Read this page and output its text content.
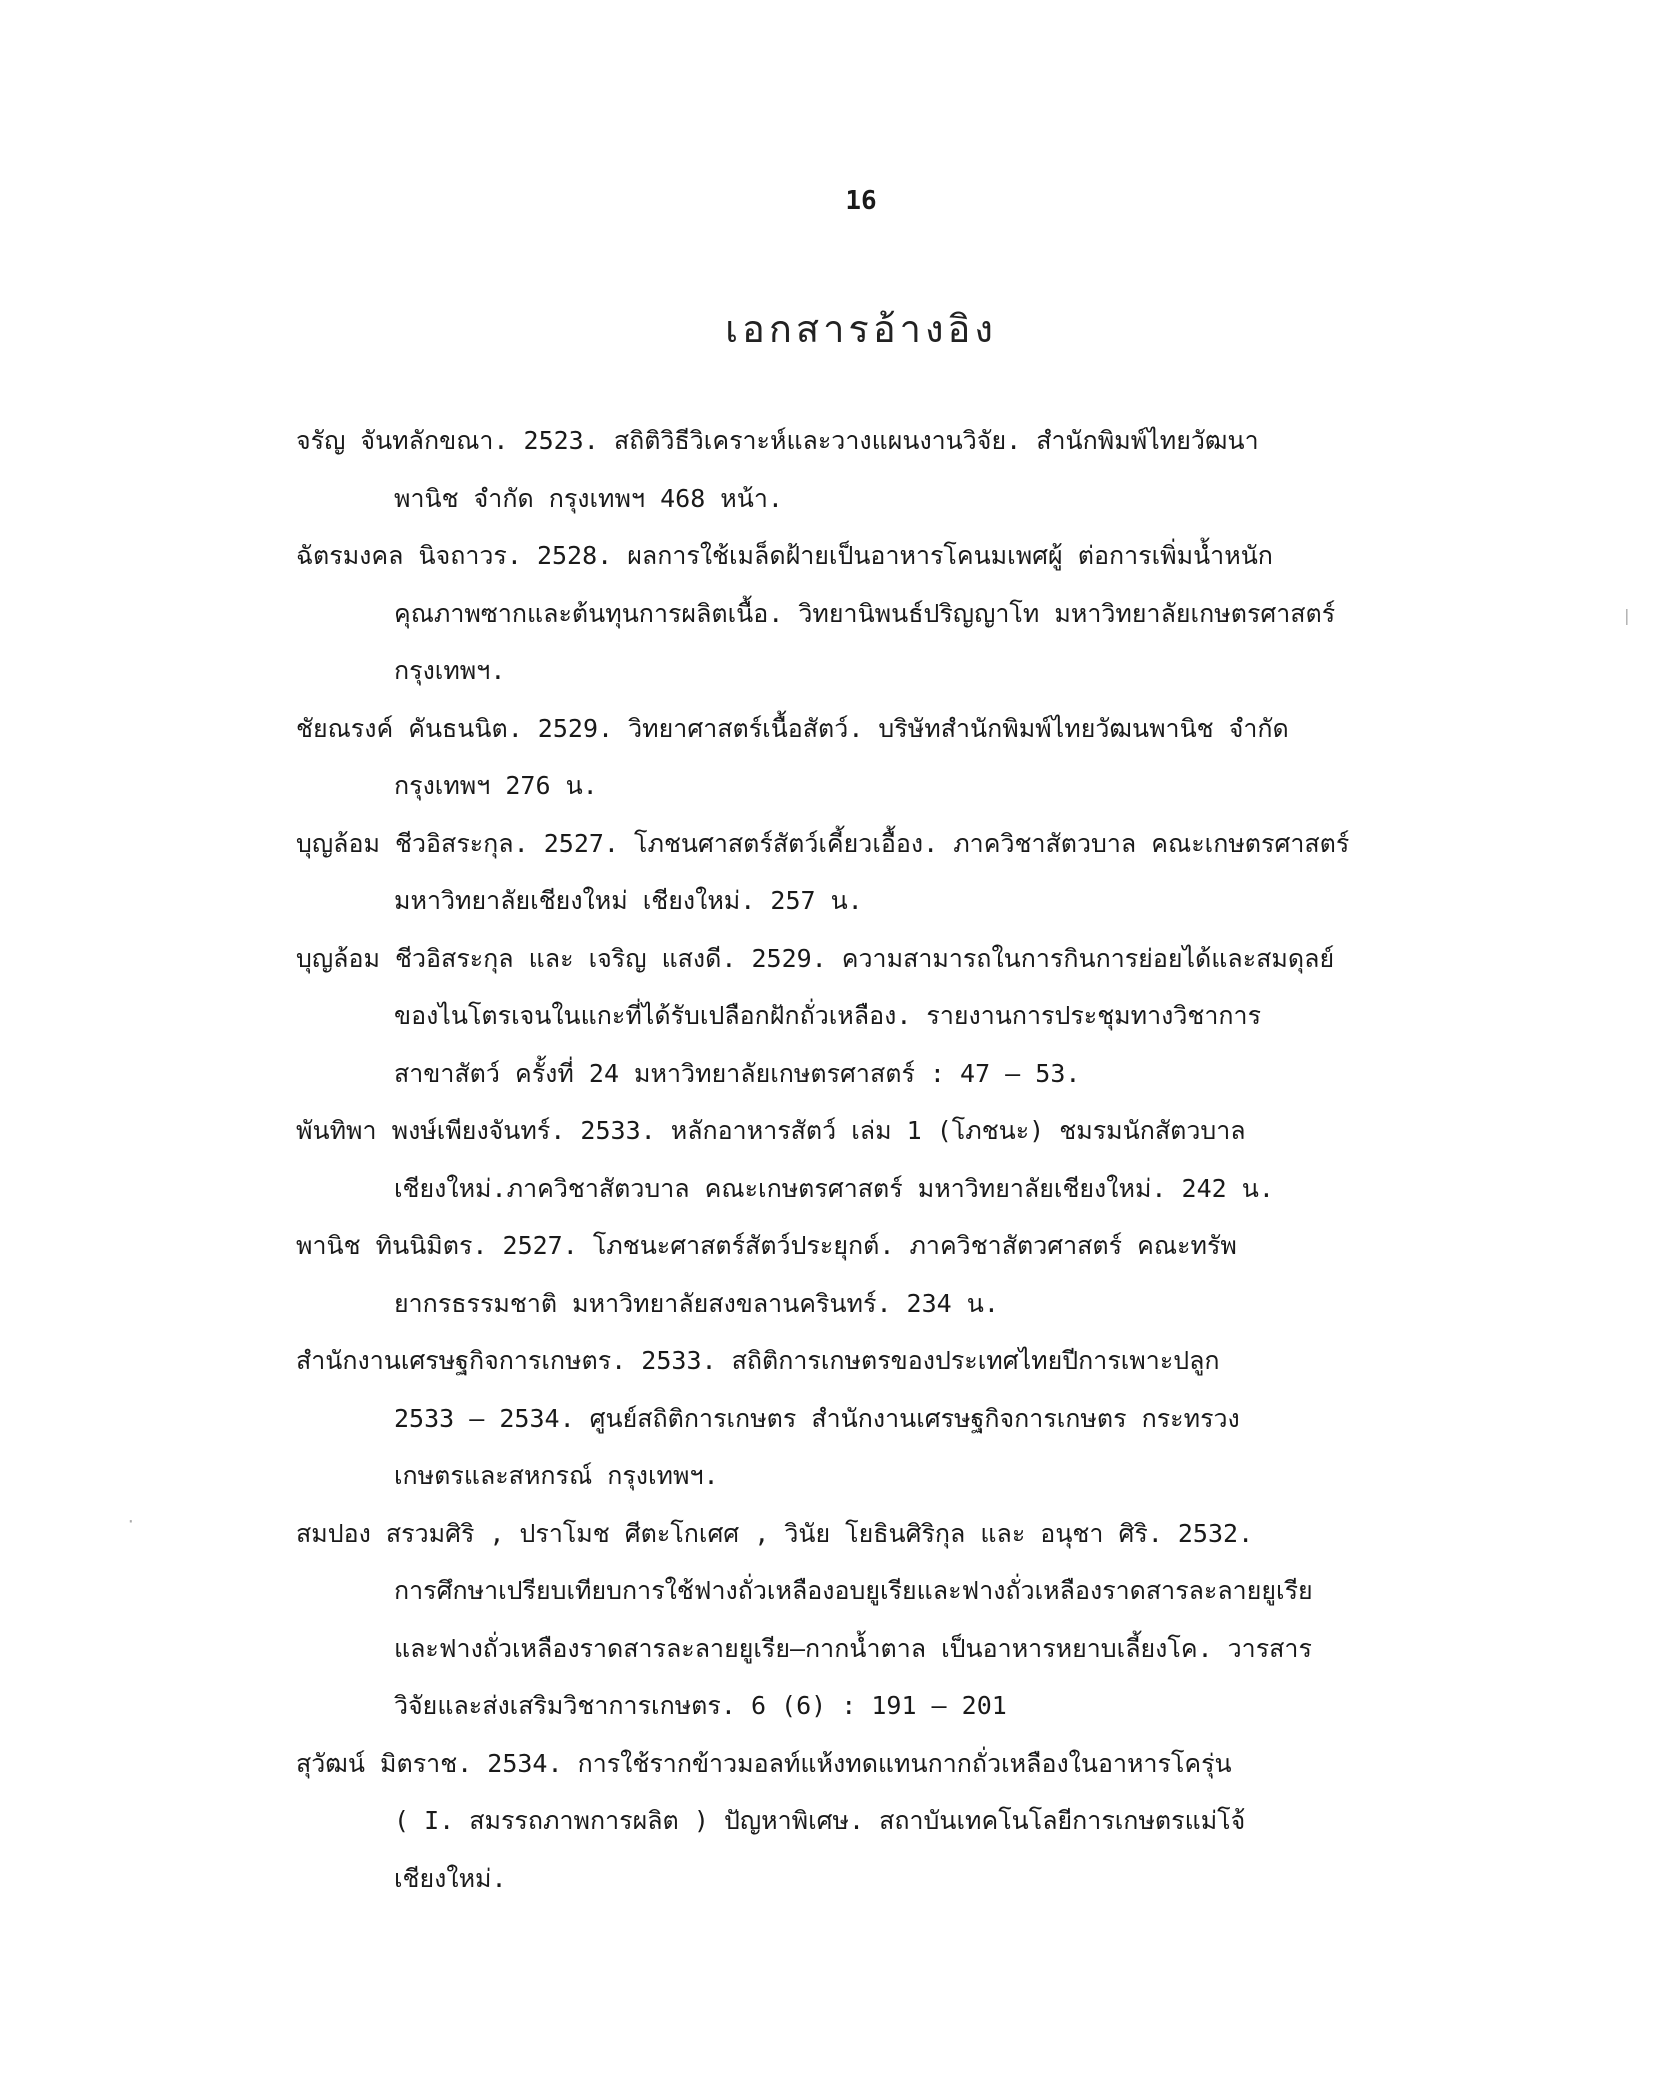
16
เอกสารอ้างอิง
|
·
จรัญ จันทลักขณา. 2523. สถิติวิธีวิเคราะห์และวางแผนงานวิจัย. สำนักพิมพ์ไทยวัฒนา
พานิช จำกัด กรุงเทพฯ 468 หน้า.
ฉัตรมงคล นิจถาวร. 2528. ผลการใช้เมล็ดฝ้ายเป็นอาหารโคนมเพศผู้ ต่อการเพิ่มน้ำหนัก
คุณภาพซากและต้นทุนการผลิตเนื้อ. วิทยานิพนธ์ปริญญาโท มหาวิทยาลัยเกษตรศาสตร์
กรุงเทพฯ.
ชัยณรงค์ คันธนนิต. 2529. วิทยาศาสตร์เนื้อสัตว์. บริษัทสำนักพิมพ์ไทยวัฒนพานิช จำกัด
กรุงเทพฯ 276 น.
บุญล้อม ชีวอิสระกุล. 2527. โภชนศาสตร์สัตว์เคี้ยวเอื้อง. ภาควิชาสัตวบาล คณะเกษตรศาสตร์
มหาวิทยาลัยเชียงใหม่ เชียงใหม่. 257 น.
บุญล้อม ชีวอิสระกุล และ เจริญ แสงดี. 2529. ความสามารถในการกินการย่อยได้และสมดุลย์
ของไนโตรเจนในแกะที่ได้รับเปลือกฝักถั่วเหลือง. รายงานการประชุมทางวิชาการ
สาขาสัตว์ ครั้งที่ 24 มหาวิทยาลัยเกษตรศาสตร์ : 47 – 53.
พันทิพา พงษ์เพียงจันทร์. 2533. หลักอาหารสัตว์ เล่ม 1 (โภชนะ) ชมรมนักสัตวบาล
เชียงใหม่.ภาควิชาสัตวบาล คณะเกษตรศาสตร์ มหาวิทยาลัยเชียงใหม่. 242 น.
พานิช ทินนิมิตร. 2527. โภชนะศาสตร์สัตว์ประยุกต์. ภาควิชาสัตวศาสตร์ คณะทรัพ
ยากรธรรมชาติ มหาวิทยาลัยสงขลานครินทร์. 234 น.
สำนักงานเศรษฐกิจการเกษตร. 2533. สถิติการเกษตรของประเทศไทยปีการเพาะปลูก
2533 – 2534. ศูนย์สถิติการเกษตร สำนักงานเศรษฐกิจการเกษตร กระทรวง
เกษตรและสหกรณ์ กรุงเทพฯ.
สมปอง สรวมศิริ , ปราโมช ศีตะโกเศศ , วินัย โยธินศิริกุล และ อนุชา ศิริ. 2532.
การศึกษาเปรียบเทียบการใช้ฟางถั่วเหลืองอบยูเรียและฟางถั่วเหลืองราดสารละลายยูเรีย
และฟางถั่วเหลืองราดสารละลายยูเรีย–กากน้ำตาล เป็นอาหารหยาบเลี้ยงโค. วารสาร
วิจัยและส่งเสริมวิชาการเกษตร. 6 (6) : 191 – 201
สุวัฒน์ มิตราช. 2534. การใช้รากข้าวมอลท์แห้งทดแทนกากถั่วเหลืองในอาหารโครุ่น
( I. สมรรถภาพการผลิต ) ปัญหาพิเศษ. สถาบันเทคโนโลยีการเกษตรแม่โจ้
เชียงใหม่.
